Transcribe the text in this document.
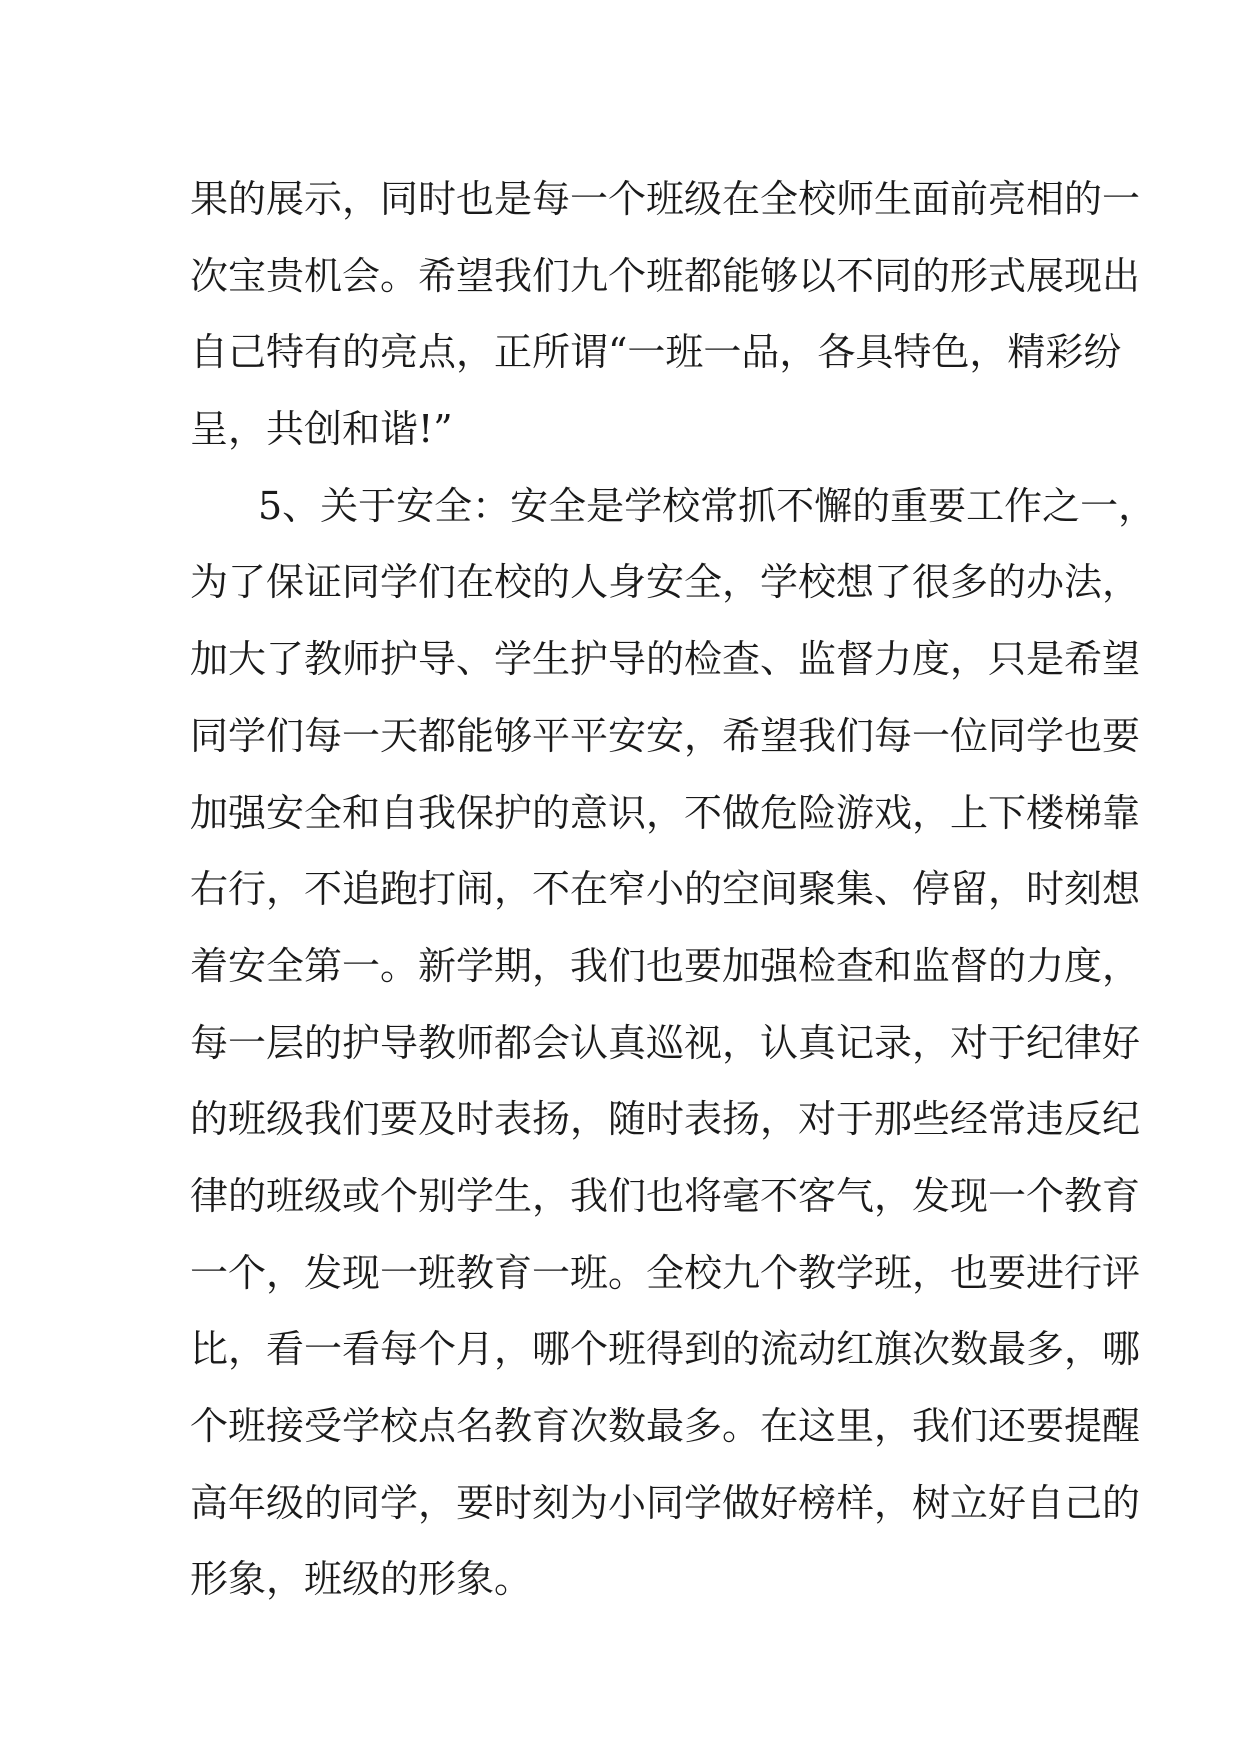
果的展示，同时也是每一个班级在全校师生面前亮相的一
次宝贵机会。希望我们九个班都能够以不同的形式展现出
自己特有的亮点，正所谓“一班一品，各具特色，精彩纷
呈，共创和谐!”
5、关于安全：安全是学校常抓不懈的重要工作之一，
为了保证同学们在校的人身安全，学校想了很多的办法，
加大了教师护导、学生护导的检查、监督力度，只是希望
同学们每一天都能够平平安安，希望我们每一位同学也要
加强安全和自我保护的意识，不做危险游戏，上下楼梯靠
右行，不追跑打闹，不在窄小的空间聚集、停留，时刻想
着安全第一。新学期，我们也要加强检查和监督的力度，
每一层的护导教师都会认真巡视，认真记录，对于纪律好
的班级我们要及时表扬，随时表扬，对于那些经常违反纪
律的班级或个别学生，我们也将毫不客气，发现一个教育
一个，发现一班教育一班。全校九个教学班，也要进行评
比，看一看每个月，哪个班得到的流动红旗次数最多，哪
个班接受学校点名教育次数最多。在这里，我们还要提醒
高年级的同学，要时刻为小同学做好榜样，树立好自己的
形象，班级的形象。
